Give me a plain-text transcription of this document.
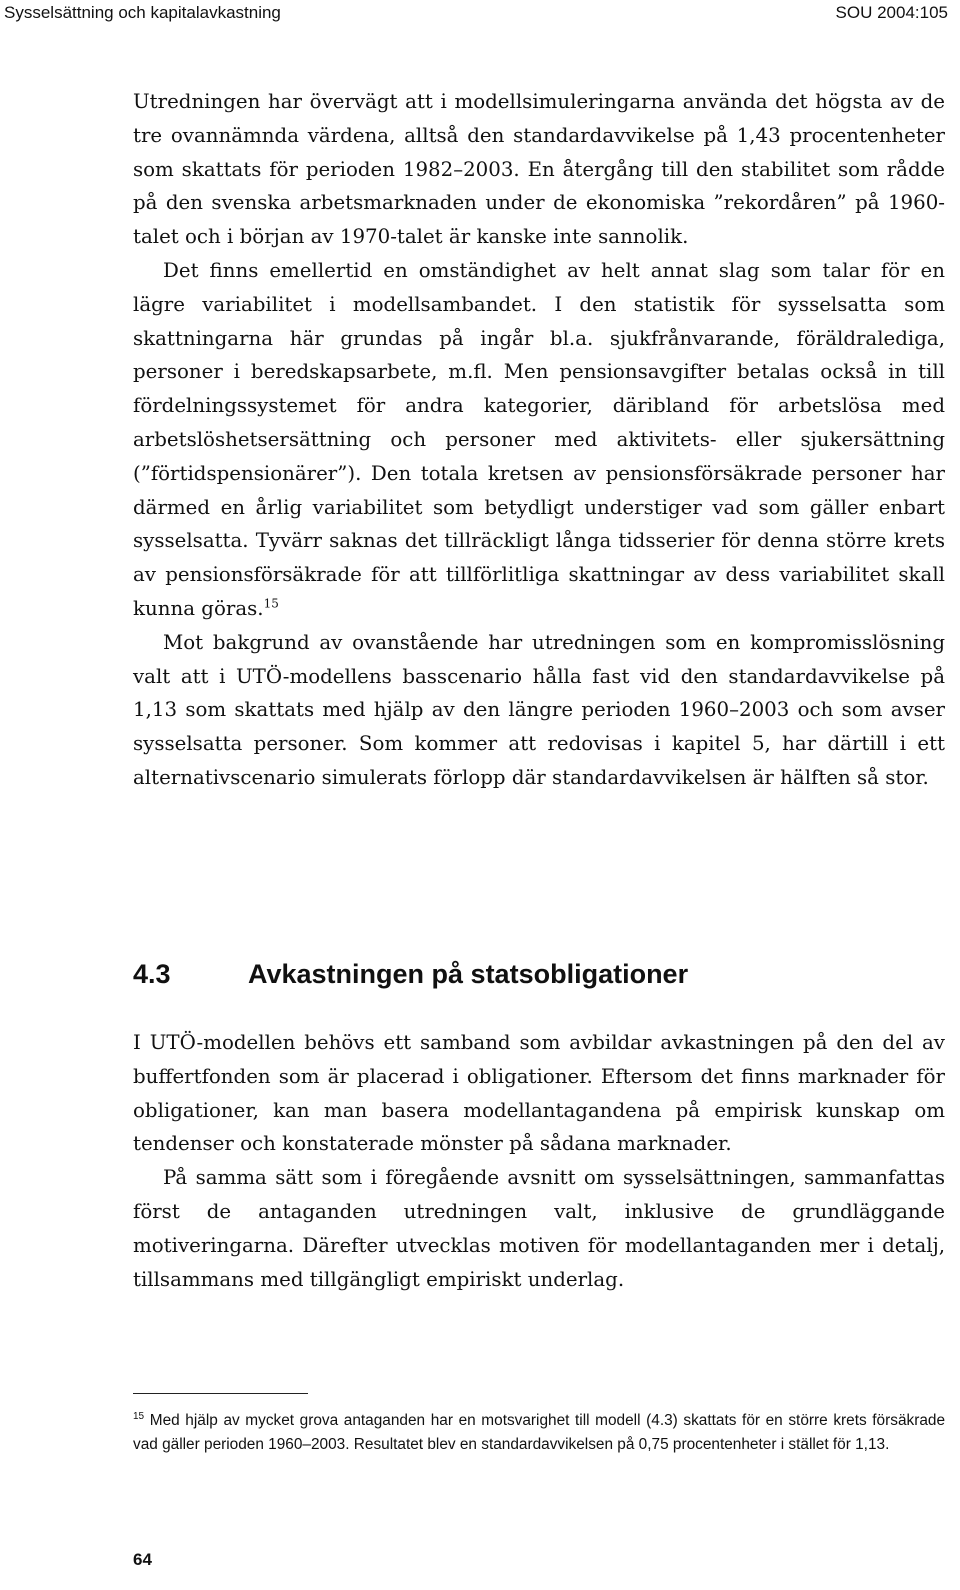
Sysselsättning och kapitalavkastning	SOU 2004:105

Utredningen har övervägt att i modellsimuleringarna använda det högsta av de tre ovannämnda värdena, alltså den standardavvikelse på 1,43 procentenheter som skattats för perioden 1982–2003. En återgång till den stabilitet som rådde på den svenska arbetsmarknaden under de ekonomiska ”rekordåren” på 1960-talet och i början av 1970-talet är kanske inte sannolik.

Det finns emellertid en omständighet av helt annat slag som talar för en lägre variabilitet i modellsambandet. I den statistik för sysselsatta som skattningarna här grundas på ingår bl.a. sjukfrånvarande, föräldralediga, personer i beredskapsarbete, m.fl. Men pensionsavgifter betalas också in till fördelningssystemet för andra kategorier, däribland för arbetslösa med arbetslöshetsersättning och personer med aktivitets- eller sjukersättning (”förtidspensionärer”). Den totala kretsen av pensionsförsäkrade personer har därmed en årlig variabilitet som betydligt understiger vad som gäller enbart sysselsatta. Tyvärr saknas det tillräckligt långa tidsserier för denna större krets av pensionsförsäkrade för att tillförlitliga skattningar av dess variabilitet skall kunna göras.$^{15}$

Mot bakgrund av ovanstående har utredningen som en kompromisslösning valt att i UTÖ-modellens basscenario hålla fast vid den standardavvikelse på 1,13 som skattats med hjälp av den längre perioden 1960–2003 och som avser sysselsatta personer. Som kommer att redovisas i kapitel 5, har därtill i ett alternativscenario simulerats förlopp där standardavvikelsen är hälften så stor.

4.3	Avkastningen på statsobligationer

I UTÖ-modellen behövs ett samband som avbildar avkastningen på den del av buffertfonden som är placerad i obligationer. Eftersom det finns marknader för obligationer, kan man basera modellantagandena på empirisk kunskap om tendenser och konstaterade mönster på sådana marknader.

På samma sätt som i föregående avsnitt om sysselsättningen, sammanfattas först de antaganden utredningen valt, inklusive de grundläggande motiveringarna. Därefter utvecklas motiven för modellantaganden mer i detalj, tillsammans med tillgängligt empiriskt underlag.

$^{15}$ Med hjälp av mycket grova antaganden har en motsvarighet till modell (4.3) skattats för en större krets försäkrade vad gäller perioden 1960–2003. Resultatet blev en standardavvikelsen på 0,75 procentenheter i stället för 1,13.
64
